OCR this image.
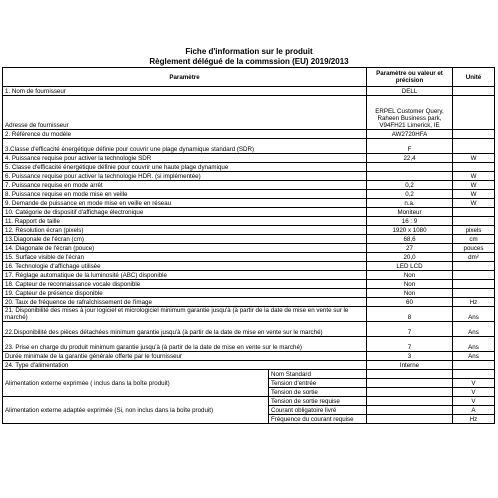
Fiche d'information sur le produit
Règlement délégué de la commssion (EU) 2019/2013
Paramètre		Paramètre ou valeur et précision	Unité
1. Nom de fournisseur		DELL	
Adresse de fournisseur		ERPEL Customer Query, Raheen Business park, V94FH21 Limerick, IE	
2. Référence du modèle		AW2720HFA	
3.Classe d'efficacité énergétique définie pour couvrir une plage dynamique standard (SDR)		F	
4. Puissance requise pour activer la technologie SDR		22,4	W
5. Classe d'efficacité énergétique définie pour couvrir une haute plage dynamique			
6. Puissance requise pour activer la technologie HDR. (si implémentée)			W
7. Puissance requise en mode arrêt		0,2	W
8. Puissance requise en mode mise en veille		0,2	W
9. Demande de puissance en mode mise en veille en réseau		n.a.	W
10. Catégorie de dispositif d'affichage électronique		Moniteur	
11. Rapport de taille		16 : 9	
12. Résolution écran (pixels)		1920 x 1080	pixels
13.Diagonale de l'écran (cm)		68,6	cm
14. Diagonale de l'écran (pouce)		27	pouces
15. Surface visible de l'écran		20,0	dm²
16. Technologie d'affichage utilisée		LED LCD	
17. Réglage automatique de la luminosité (ABC) disponible		Non	
18. Capteur de reconnaissance vocale disponible		Non	
19. Capteur de présence disponible		Non	
20. Taux de fréquence de rafraîchissement de l'image		60	Hz
21. Disponibilité des mises à jour logiciel et micrologiciel minimum garantie jusqu'à (à partir de la date de mise en vente sur le marché)		8	Ans
22.Disponibilité des pièces détachées minimum garantie jusqu'à (à partir de la date de mise en vente sur le marché)		7	Ans
23. Prise en charge du produit minimum garantie jusqu'à (à partir de la date de mise en vente sur le marché)		7	Ans
Durée minimale de la garantie générale offerte par le fournisseur		3	Ans
24. Type d'alimentation		Interne	
Alimentation externe exprimée ( inclus dans la boîte produit)	Nom Standard		
	Tension d'entrée		V
	Tension de sortie		V
Alimentation externe adaptée exprimée (Si, non inclus dans la boîte produit)	Tension de sortie requise		V
	Courant obligatoire livré		A
	Fréquence du courant requise		Hz
